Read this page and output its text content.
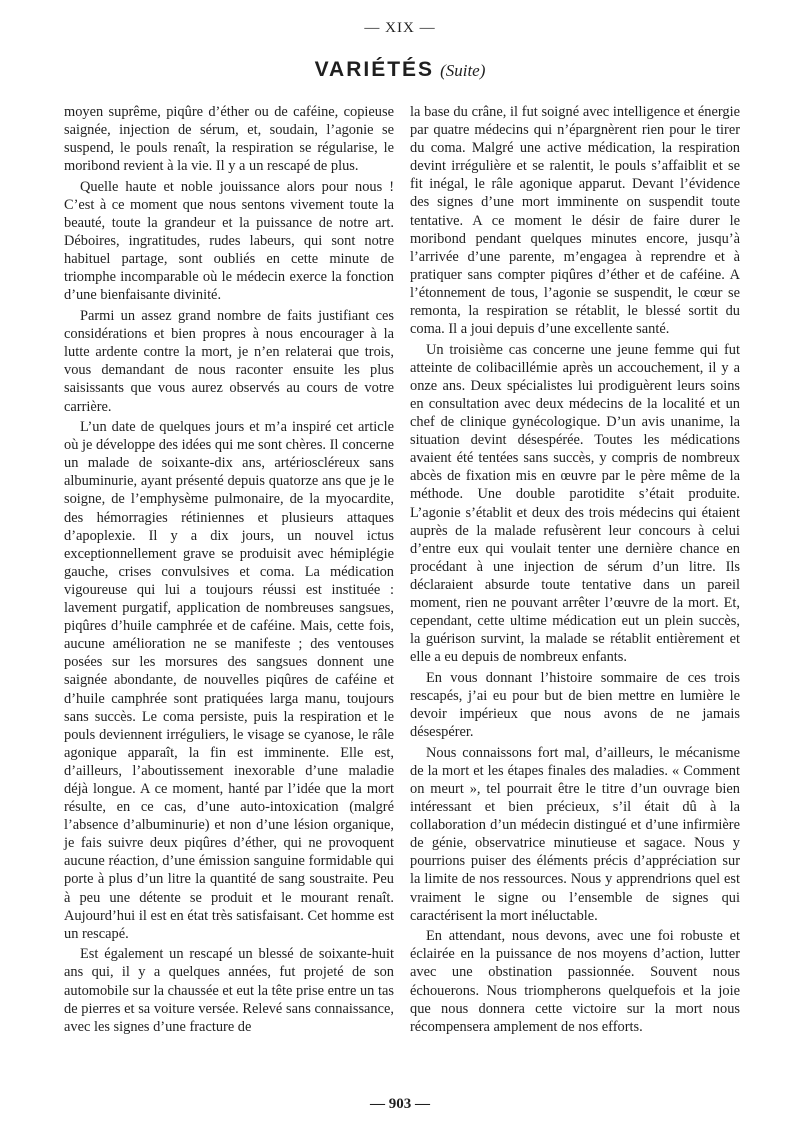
— XIX —
VARIÉTÉS (Suite)

moyen suprême, piqûre d’éther ou de caféine, copieuse saignée, injection de sérum, et, soudain, l’agonie se suspend, le pouls renaît, la respiration se régularise, le moribond revient à la vie. Il y a un rescapé de plus.

Quelle haute et noble jouissance alors pour nous ! C’est à ce moment que nous sentons vivement toute la beauté, toute la grandeur et la puissance de notre art. Déboires, ingratitudes, rudes labeurs, qui sont notre habituel partage, sont oubliés en cette minute de triomphe incomparable où le médecin exerce la fonction d’une bienfaisante divinité.

Parmi un assez grand nombre de faits justifiant ces considérations et bien propres à nous encourager à la lutte ardente contre la mort, je n’en relaterai que trois, vous demandant de nous raconter ensuite les plus saisissants que vous aurez observés au cours de votre carrière.

L’un date de quelques jours et m’a inspiré cet article où je développe des idées qui me sont chères. Il concerne un malade de soixante-dix ans, artérioscléreux sans albuminurie, ayant présenté depuis quatorze ans que je le soigne, de l’emphysème pulmonaire, de la myocardite, des hémorragies rétiniennes et plusieurs attaques d’apoplexie. Il y a dix jours, un nouvel ictus exceptionnellement grave se produisit avec hémiplégie gauche, crises convulsives et coma. La médication vigoureuse qui lui a toujours réussi est instituée : lavement purgatif, application de nombreuses sangsues, piqûres d’huile camphrée et de caféine. Mais, cette fois, aucune amélioration ne se manifeste ; des ventouses posées sur les morsures des sangsues donnent une saignée abondante, de nouvelles piqûres de caféine et d’huile camphrée sont pratiquées larga manu, toujours sans succès. Le coma persiste, puis la respiration et le pouls deviennent irréguliers, le visage se cyanose, le râle agonique apparaît, la fin est imminente. Elle est, d’ailleurs, l’aboutissement inexorable d’une maladie déjà longue. A ce moment, hanté par l’idée que la mort résulte, en ce cas, d’une auto-intoxication (malgré l’absence d’albuminurie) et non d’une lésion organique, je fais suivre deux piqûres d’éther, qui ne provoquent aucune réaction, d’une émission sanguine formidable qui porte à plus d’un litre la quantité de sang soustraite. Peu à peu une détente se produit et le mourant renaît. Aujourd’hui il est en état très satisfaisant. Cet homme est un rescapé.

Est également un rescapé un blessé de soixante-huit ans qui, il y a quelques années, fut projeté de son automobile sur la chaussée et eut la tête prise entre un tas de pierres et sa voiture versée. Relevé sans connaissance, avec les signes d’une fracture de

la base du crâne, il fut soigné avec intelligence et énergie par quatre médecins qui n’épargnèrent rien pour le tirer du coma. Malgré une active médication, la respiration devint irrégulière et se ralentit, le pouls s’affaiblit et se fit inégal, le râle agonique apparut. Devant l’évidence des signes d’une mort imminente on suspendit toute tentative. A ce moment le désir de faire durer le moribond pendant quelques minutes encore, jusqu’à l’arrivée d’une parente, m’engagea à reprendre et à pratiquer sans compter piqûres d’éther et de caféine. A l’étonnement de tous, l’agonie se suspendit, le cœur se remonta, la respiration se rétablit, le blessé sortit du coma. Il a joui depuis d’une excellente santé.

Un troisième cas concerne une jeune femme qui fut atteinte de colibacillémie après un accouchement, il y a onze ans. Deux spécialistes lui prodiguèrent leurs soins en consultation avec deux médecins de la localité et un chef de clinique gynécologique. D’un avis unanime, la situation devint désespérée. Toutes les médications avaient été tentées sans succès, y compris de nombreux abcès de fixation mis en œuvre par le père même de la méthode. Une double parotidite s’était produite. L’agonie s’établit et deux des trois médecins qui étaient auprès de la malade refusèrent leur concours à celui d’entre eux qui voulait tenter une dernière chance en procédant à une injection de sérum d’un litre. Ils déclaraient absurde toute tentative dans un pareil moment, rien ne pouvant arrêter l’œuvre de la mort. Et, cependant, cette ultime médication eut un plein succès, la guérison survint, la malade se rétablit entièrement et elle a eu depuis de nombreux enfants.

En vous donnant l’histoire sommaire de ces trois rescapés, j’ai eu pour but de bien mettre en lumière le devoir impérieux que nous avons de ne jamais désespérer.

Nous connaissons fort mal, d’ailleurs, le mécanisme de la mort et les étapes finales des maladies. « Comment on meurt », tel pourrait être le titre d’un ouvrage bien intéressant et bien précieux, s’il était dû à la collaboration d’un médecin distingué et d’une infirmière de génie, observatrice minutieuse et sagace. Nous y pourrions puiser des éléments précis d’appréciation sur la limite de nos ressources. Nous y apprendrions quel est vraiment le signe ou l’ensemble de signes qui caractérisent la mort inéluctable.

En attendant, nous devons, avec une foi robuste et éclairée en la puissance de nos moyens d’action, lutter avec une obstination passionnée. Souvent nous échouerons. Nous triompherons quelquefois et la joie que nous donnera cette victoire sur la mort nous récompensera amplement de nos efforts.

— 903 —
